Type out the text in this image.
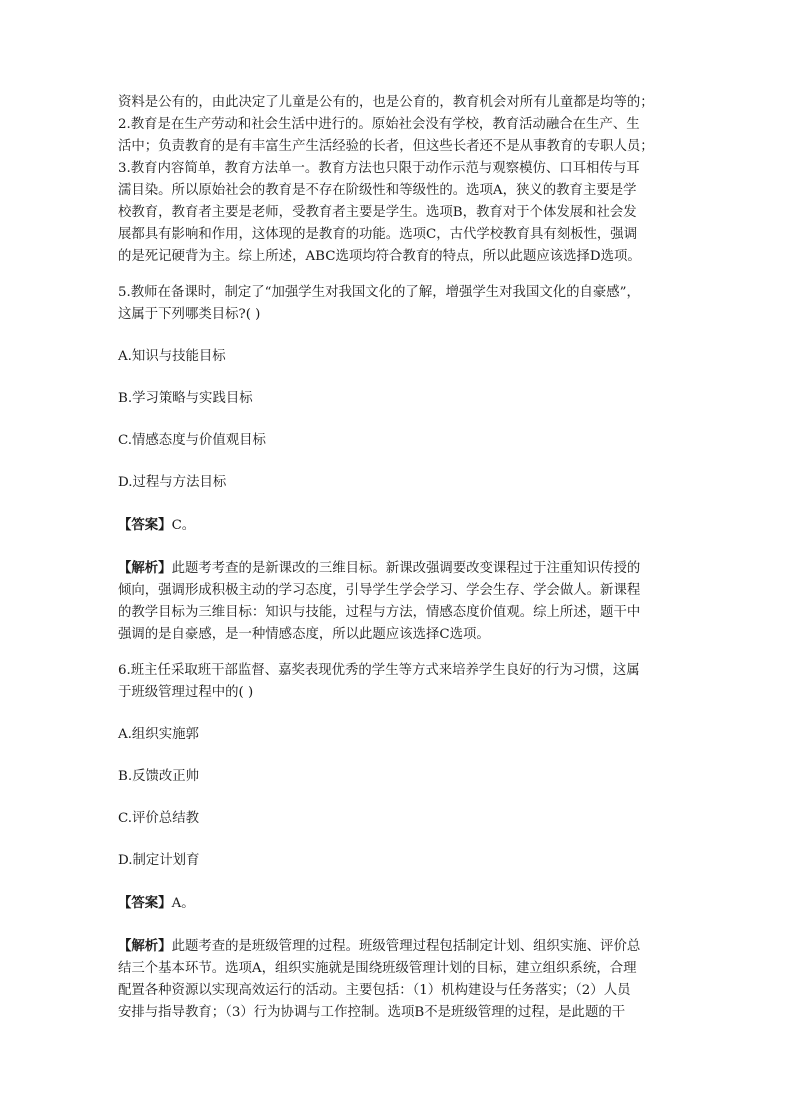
资料是公有的，由此决定了儿童是公有的，也是公育的，教育机会对所有儿童都是均等的；

2.教育是在生产劳动和社会生活中进行的。原始社会没有学校，教育活动融合在生产、生

活中；负责教育的是有丰富生产生活经验的长者，但这些长者还不是从事教育的专职人员；

3.教育内容简单，教育方法单一。教育方法也只限于动作示范与观察模仿、口耳相传与耳

濡目染。所以原始社会的教育是不存在阶级性和等级性的。选项A，狭义的教育主要是学

校教育，教育者主要是老师，受教育者主要是学生。选项B，教育对于个体发展和社会发

展都具有影响和作用，这体现的是教育的功能。选项C，古代学校教育具有刻板性，强调

的是死记硬背为主。综上所述，ABC选项均符合教育的特点，所以此题应该选择D选项。

5.教师在备课时，制定了“加强学生对我国文化的了解，增强学生对我国文化的自豪感”，

这属于下列哪类目标?( )

A.知识与技能目标

B.学习策略与实践目标

C.情感态度与价值观目标

D.过程与方法目标

【答案】C。

【解析】此题考考查的是新课改的三维目标。新课改强调要改变课程过于注重知识传授的

倾向，强调形成积极主动的学习态度，引导学生学会学习、学会生存、学会做人。新课程

的教学目标为三维目标：知识与技能，过程与方法，情感态度价值观。综上所述，题干中

强调的是自豪感，是一种情感态度，所以此题应该选择C选项。

6.班主任采取班干部监督、嘉奖表现优秀的学生等方式来培养学生良好的行为习惯，这属

于班级管理过程中的( )

A.组织实施郭

B.反馈改正帅

C.评价总结教

D.制定计划育

【答案】A。

【解析】此题考查的是班级管理的过程。班级管理过程包括制定计划、组织实施、评价总

结三个基本环节。选项A，组织实施就是围绕班级管理计划的目标，建立组织系统，合理

配置各种资源以实现高效运行的活动。主要包括：（1）机构建设与任务落实；（2）人员

安排与指导教育；（3）行为协调与工作控制。选项B不是班级管理的过程，是此题的干
